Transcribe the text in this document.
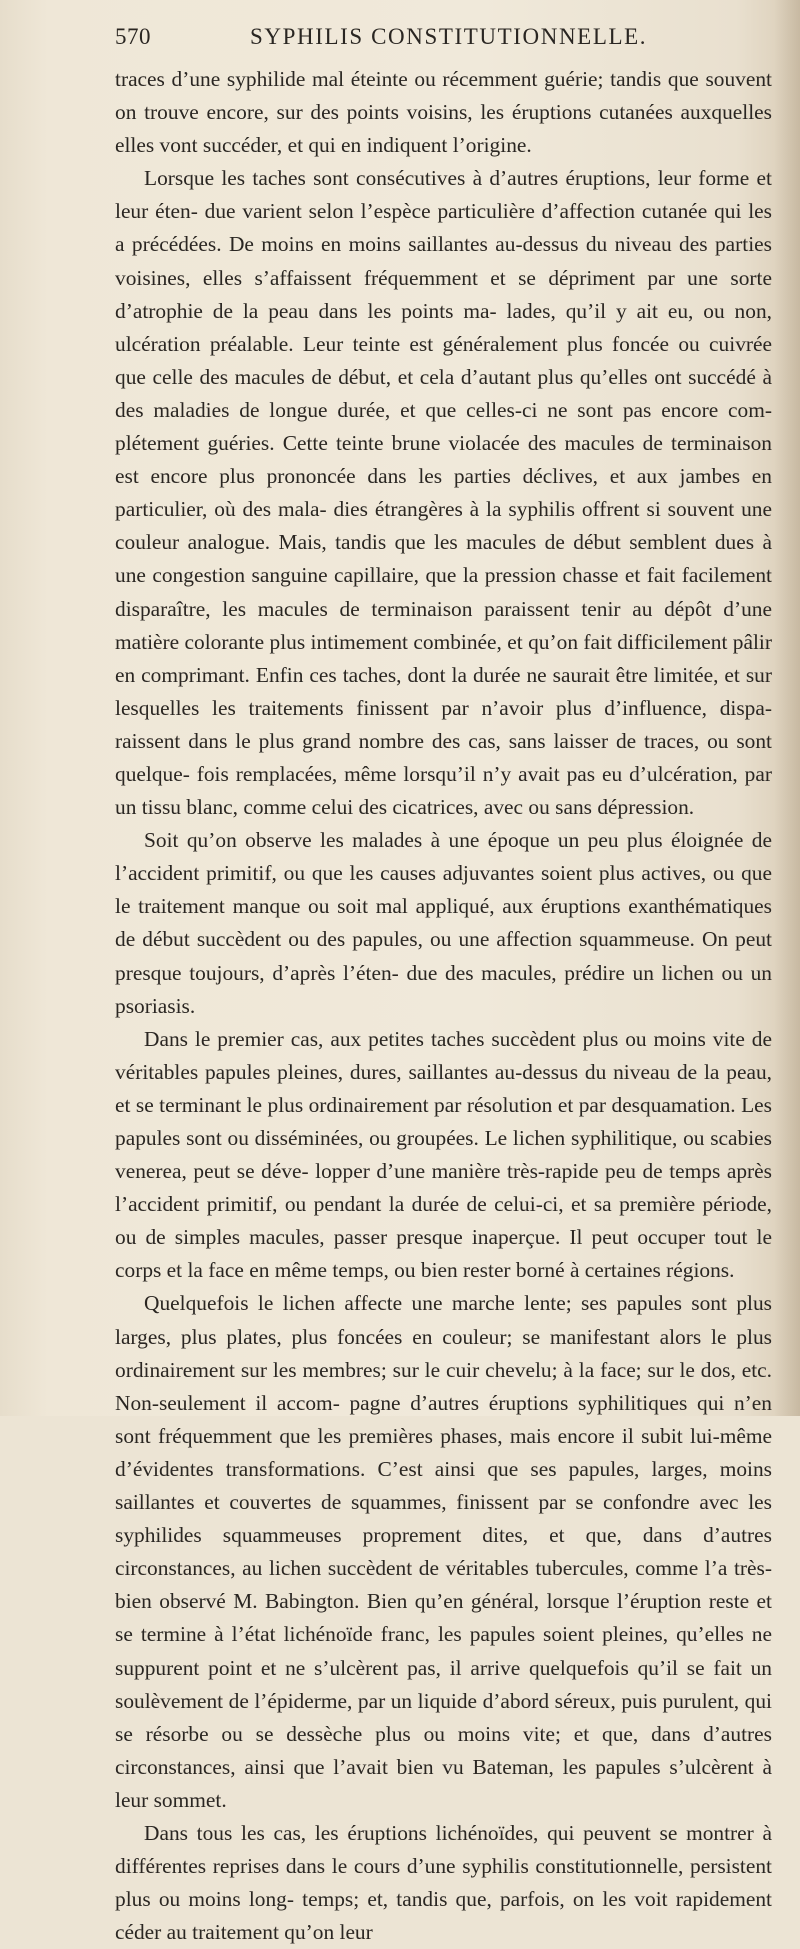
570	SYPHILIS CONSTITUTIONNELLE.

traces d’une syphilide mal éteinte ou récemment guérie; tandis que souvent on trouve encore, sur des points voisins, les éruptions cutanées auxquelles elles vont succéder, et qui en indiquent l’origine.

Lorsque les taches sont consécutives à d’autres éruptions, leur forme et leur éten- due varient selon l’espèce particulière d’affection cutanée qui les a précédées. De moins en moins saillantes au-dessus du niveau des parties voisines, elles s’affaissent fréquemment et se dépriment par une sorte d’atrophie de la peau dans les points ma- lades, qu’il y ait eu, ou non, ulcération préalable. Leur teinte est généralement plus foncée ou cuivrée que celle des macules de début, et cela d’autant plus qu’elles ont succédé à des maladies de longue durée, et que celles-ci ne sont pas encore com- plétement guéries. Cette teinte brune violacée des macules de terminaison est encore plus prononcée dans les parties déclives, et aux jambes en particulier, où des mala- dies étrangères à la syphilis offrent si souvent une couleur analogue. Mais, tandis que les macules de début semblent dues à une congestion sanguine capillaire, que la pression chasse et fait facilement disparaître, les macules de terminaison paraissent tenir au dépôt d’une matière colorante plus intimement combinée, et qu’on fait difficilement pâlir en comprimant. Enfin ces taches, dont la durée ne saurait être limitée, et sur lesquelles les traitements finissent par n’avoir plus d’influence, dispa- raissent dans le plus grand nombre des cas, sans laisser de traces, ou sont quelque- fois remplacées, même lorsqu’il n’y avait pas eu d’ulcération, par un tissu blanc, comme celui des cicatrices, avec ou sans dépression.

Soit qu’on observe les malades à une époque un peu plus éloignée de l’accident primitif, ou que les causes adjuvantes soient plus actives, ou que le traitement manque ou soit mal appliqué, aux éruptions exanthématiques de début succèdent ou des papules, ou une affection squammeuse. On peut presque toujours, d’après l’éten- due des macules, prédire un lichen ou un psoriasis.

Dans le premier cas, aux petites taches succèdent plus ou moins vite de véritables papules pleines, dures, saillantes au-dessus du niveau de la peau, et se terminant le plus ordinairement par résolution et par desquamation. Les papules sont ou disséminées, ou groupées. Le lichen syphilitique, ou scabies venerea, peut se déve- lopper d’une manière très-rapide peu de temps après l’accident primitif, ou pendant la durée de celui-ci, et sa première période, ou de simples macules, passer presque inaperçue. Il peut occuper tout le corps et la face en même temps, ou bien rester borné à certaines régions.

Quelquefois le lichen affecte une marche lente; ses papules sont plus larges, plus plates, plus foncées en couleur; se manifestant alors le plus ordinairement sur les membres; sur le cuir chevelu; à la face; sur le dos, etc. Non-seulement il accom- pagne d’autres éruptions syphilitiques qui n’en sont fréquemment que les premières phases, mais encore il subit lui-même d’évidentes transformations. C’est ainsi que ses papules, larges, moins saillantes et couvertes de squammes, finissent par se confondre avec les syphilides squammeuses proprement dites, et que, dans d’autres circonstances, au lichen succèdent de véritables tubercules, comme l’a très-bien observé M. Babington. Bien qu’en général, lorsque l’éruption reste et se termine à l’état lichénoïde franc, les papules soient pleines, qu’elles ne suppurent point et ne s’ulcèrent pas, il arrive quelquefois qu’il se fait un soulèvement de l’épiderme, par un liquide d’abord séreux, puis purulent, qui se résorbe ou se dessèche plus ou moins vite; et que, dans d’autres circonstances, ainsi que l’avait bien vu Bateman, les papules s’ulcèrent à leur sommet.

Dans tous les cas, les éruptions lichénoïdes, qui peuvent se montrer à différentes reprises dans le cours d’une syphilis constitutionnelle, persistent plus ou moins long- temps; et, tandis que, parfois, on les voit rapidement céder au traitement qu’on leur
